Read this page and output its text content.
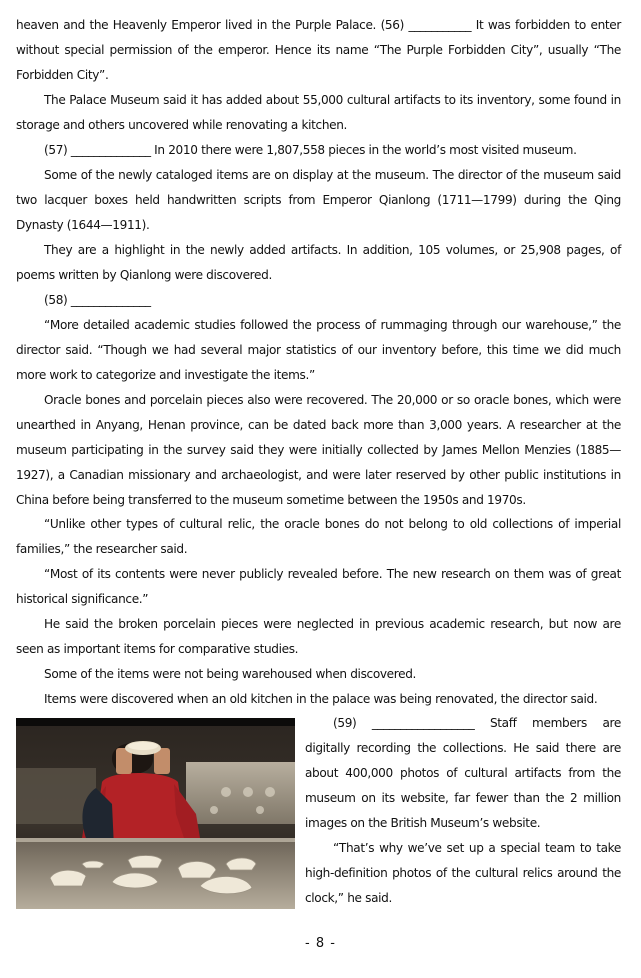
heaven and the Heavenly Emperor lived in the Purple Palace. (56) ___________ It was forbidden to enter without special permission of the emperor. Hence its name “The Purple Forbidden City”, usually “The Forbidden City”.

The Palace Museum said it has added about 55,000 cultural artifacts to its inventory, some found in storage and others uncovered while renovating a kitchen.

(57) ______________ In 2010 there were 1,807,558 pieces in the world’s most visited museum.

Some of the newly cataloged items are on display at the museum. The director of the museum said two lacquer boxes held handwritten scripts from Emperor Qianlong (1711—1799) during the Qing Dynasty (1644—1911).

They are a highlight in the newly added artifacts. In addition, 105 volumes, or 25,908 pages, of poems written by Qianlong were discovered.

(58) ______________

“More detailed academic studies followed the process of rummaging through our warehouse,” the director said. “Though we had several major statistics of our inventory before, this time we did much more work to categorize and investigate the items.”

Oracle bones and porcelain pieces also were recovered. The 20,000 or so oracle bones, which were unearthed in Anyang, Henan province, can be dated back more than 3,000 years. A researcher at the museum participating in the survey said they were initially collected by James Mellon Menzies (1885—1927), a Canadian missionary and archaeologist, and were later reserved by other public institutions in China before being transferred to the museum sometime between the 1950s and 1970s.

“Unlike other types of cultural relic, the oracle bones do not belong to old collections of imperial families,” the researcher said.

“Most of its contents were never publicly revealed before. The new research on them was of great historical significance.”

He said the broken porcelain pieces were neglected in previous academic research, but now are seen as important items for comparative studies.

Some of the items were not being warehoused when discovered.

Items were discovered when an old kitchen in the palace was being renovated, the director said.

(59) __________________ Staff members are digitally recording the collections. He said there are about 400,000 photos of cultural artifacts from the museum on its website, far fewer than the 2 million images on the British Museum’s website.

“That’s why we’ve set up a special team to take high-definition photos of the cultural relics around the clock,” he said.

- 8 -
